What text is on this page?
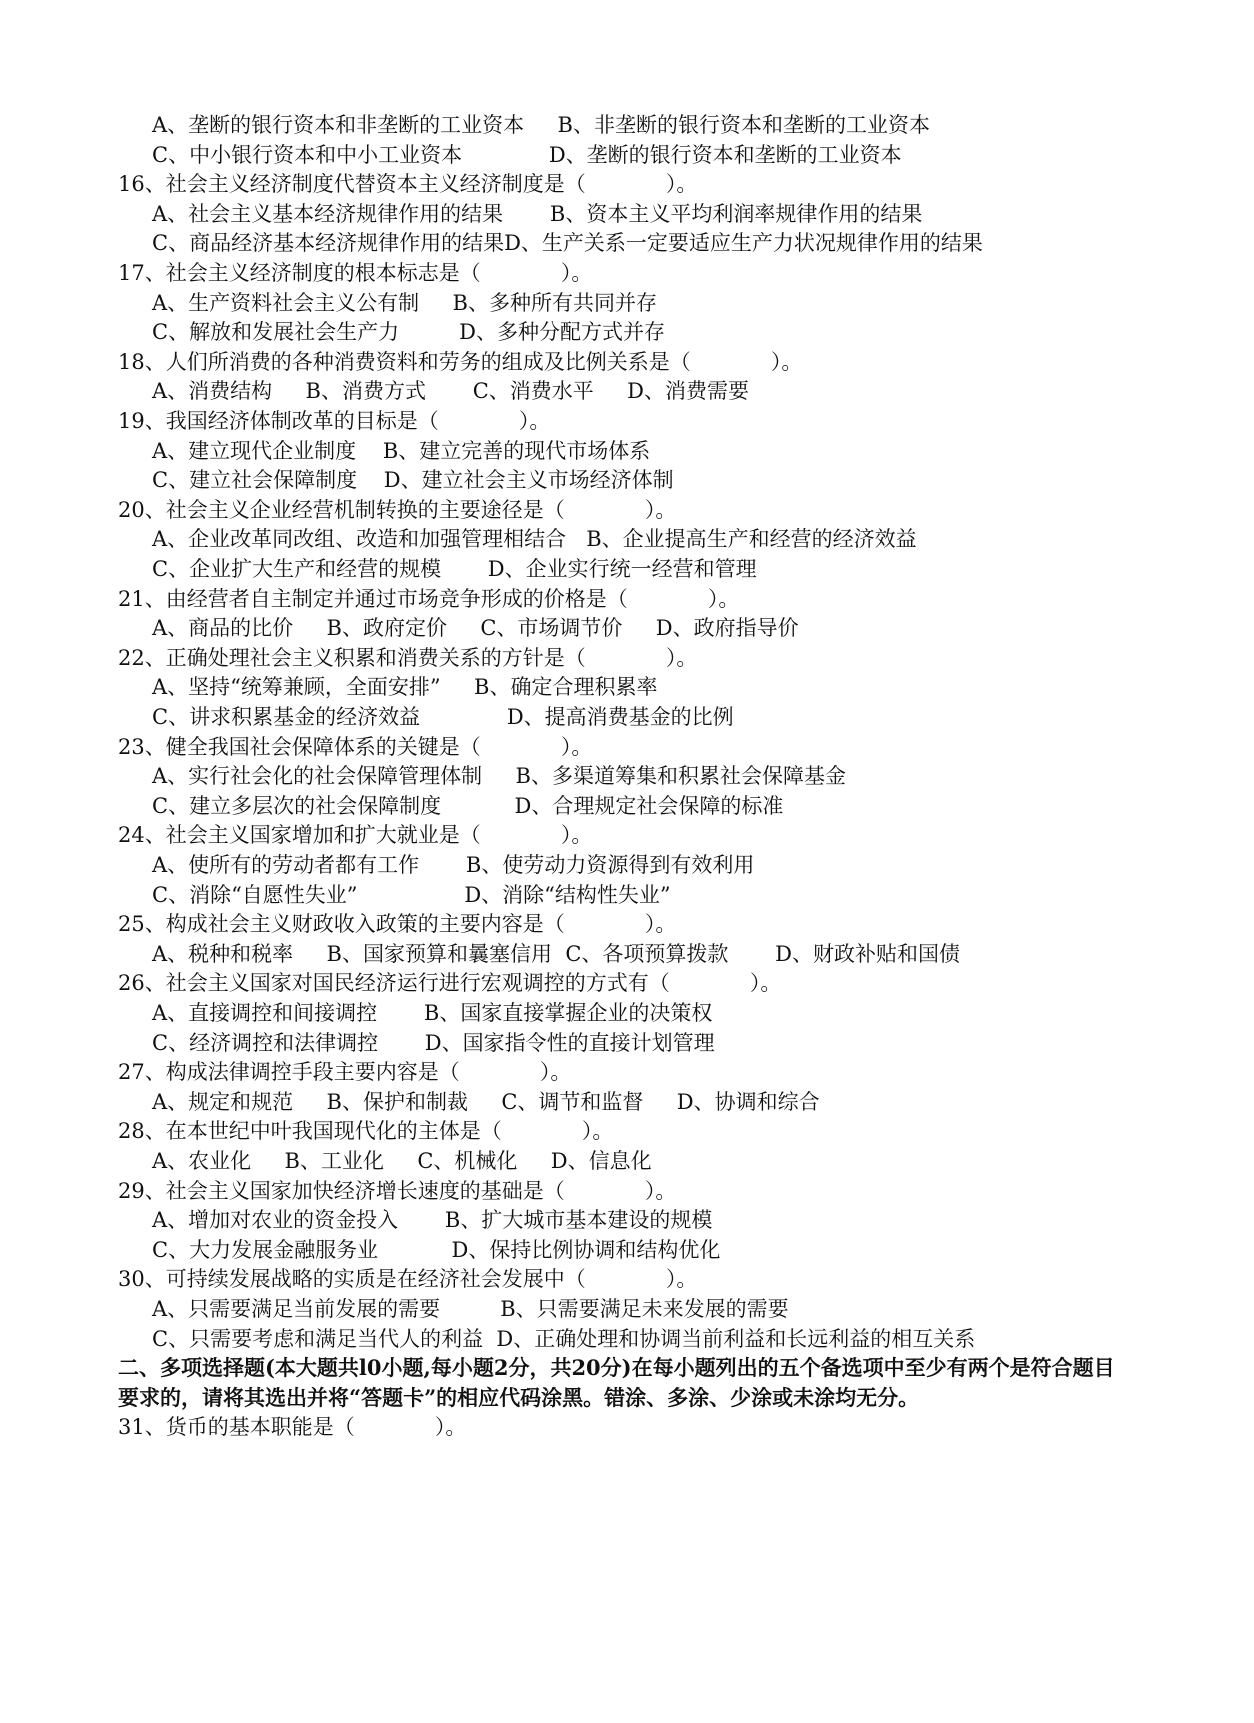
A、垄断的银行资本和非垄断的工业资本     B、非垄断的银行资本和垄断的工业资本
C、中小银行资本和中小工业资本             D、垄断的银行资本和垄断的工业资本
16、社会主义经济制度代替资本主义经济制度是（            ）。
A、社会主义基本经济规律作用的结果       B、资本主义平均利润率规律作用的结果
C、商品经济基本经济规律作用的结果D、生产关系一定要适应生产力状况规律作用的结果
17、社会主义经济制度的根本标志是（            ）。
A、生产资料社会主义公有制     B、多种所有共同并存
C、解放和发展社会生产力         D、多种分配方式并存
18、人们所消费的各种消费资料和劳务的组成及比例关系是（            ）。
A、消费结构     B、消费方式       C、消费水平     D、消费需要
19、我国经济体制改革的目标是（            ）。
A、建立现代企业制度    B、建立完善的现代市场体系
C、建立社会保障制度    D、建立社会主义市场经济体制
20、社会主义企业经营机制转换的主要途径是（            ）。
A、企业改革同改组、改造和加强管理相结合   B、企业提高生产和经营的经济效益
C、企业扩大生产和经营的规模       D、企业实行统一经营和管理
21、由经营者自主制定并通过市场竞争形成的价格是（            ）。
A、商品的比价     B、政府定价     C、市场调节价     D、政府指导价
22、正确处理社会主义积累和消费关系的方针是（            ）。
A、坚持“统筹兼顾，全面安排”     B、确定合理积累率
C、讲求积累基金的经济效益             D、提高消费基金的比例
23、健全我国社会保障体系的关键是（            ）。
A、实行社会化的社会保障管理体制     B、多渠道筹集和积累社会保障基金
C、建立多层次的社会保障制度           D、合理规定社会保障的标准
24、社会主义国家增加和扩大就业是（            ）。
A、使所有的劳动者都有工作       B、使劳动力资源得到有效利用
C、消除“自愿性失业”                D、消除“结构性失业”
25、构成社会主义财政收入政策的主要内容是（            ）。
A、税种和税率     B、国家预算和曩塞信用  C、各项预算拨款       D、财政补贴和国债
26、社会主义国家对国民经济运行进行宏观调控的方式有（            ）。
A、直接调控和间接调控       B、国家直接掌握企业的决策权
C、经济调控和法律调控       D、国家指令性的直接计划管理
27、构成法律调控手段主要内容是（            ）。
A、规定和规范     B、保护和制裁     C、调节和监督     D、协调和综合
28、在本世纪中叶我国现代化的主体是（            ）。
A、农业化     B、工业化     C、机械化     D、信息化
29、社会主义国家加快经济增长速度的基础是（            ）。
A、增加对农业的资金投入       B、扩大城市基本建设的规模
C、大力发展金融服务业           D、保持比例协调和结构优化
30、可持续发展战略的实质是在经济社会发展中（            ）。
A、只需要满足当前发展的需要         B、只需要满足未来发展的需要
C、只需要考虑和满足当代人的利益  D、正确处理和协调当前利益和长远利益的相互关系
二、多项选择题(本大题共l0小题,每小题2分，共20分)在每小题列出的五个备选项中至少有两个是符合题目
要求的，请将其选出并将“答题卡”的相应代码涂黑。错涂、多涂、少涂或未涂均无分。
31、货币的基本职能是（            ）。
